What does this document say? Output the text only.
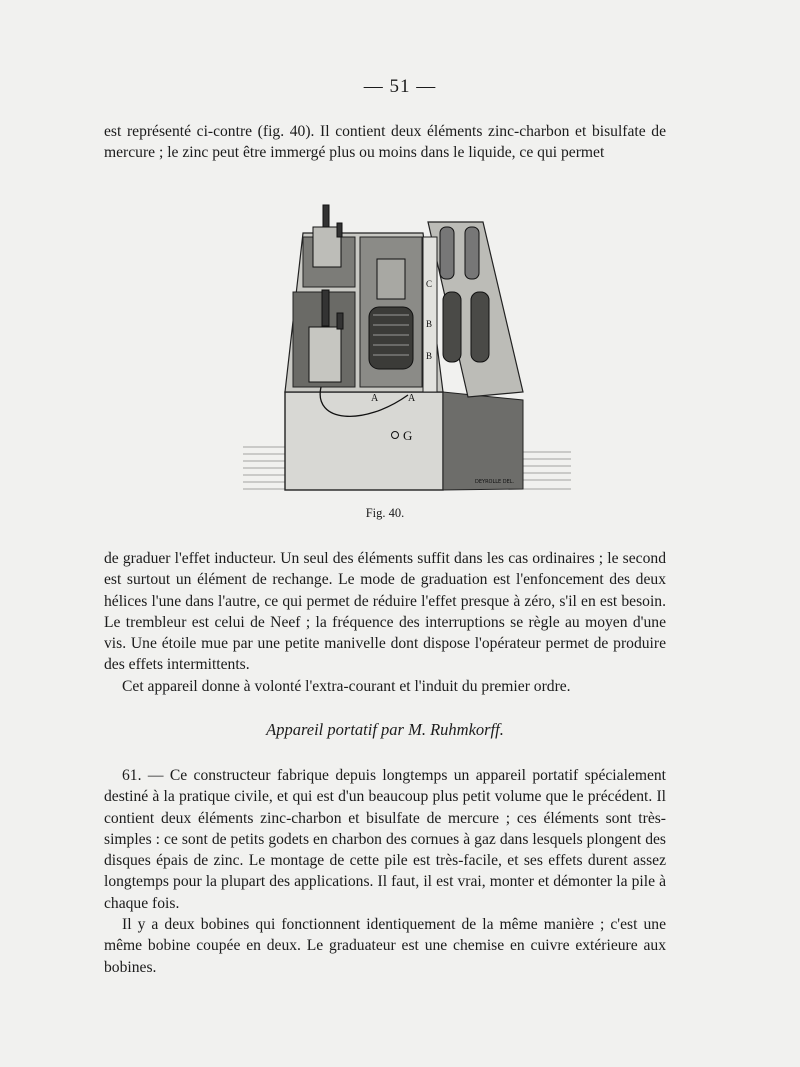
— 51 —

est représenté ci-contre (fig. 40). Il contient deux éléments zinc-charbon et bisulfate de mercure ; le zinc peut être immergé plus ou moins dans le liquide, ce qui permet

A	A
G
B
B
C
DEYROLLE DEL.
Fig. 40.

de graduer l'effet inducteur. Un seul des éléments suffit dans les cas ordinaires ; le second est surtout un élément de rechange. Le mode de graduation est l'enfoncement des deux hélices l'une dans l'autre, ce qui permet de réduire l'effet presque à zéro, s'il en est besoin. Le trembleur est celui de Neef ; la fréquence des interruptions se règle au moyen d'une vis. Une étoile mue par une petite manivelle dont dispose l'opérateur permet de produire des effets intermittents.

Cet appareil donne à volonté l'extra-courant et l'induit du premier ordre.

Appareil portatif par M. Ruhmkorff.

61. — Ce constructeur fabrique depuis longtemps un appareil portatif spécialement destiné à la pratique civile, et qui est d'un beaucoup plus petit volume que le précédent. Il contient deux éléments zinc-charbon et bisulfate de mercure ; ces éléments sont très-simples : ce sont de petits godets en charbon des cornues à gaz dans lesquels plongent des disques épais de zinc. Le montage de cette pile est très-facile, et ses effets durent assez longtemps pour la plupart des applications. Il faut, il est vrai, monter et démonter la pile à chaque fois.

Il y a deux bobines qui fonctionnent identiquement de la même manière ; c'est une même bobine coupée en deux. Le graduateur est une chemise en cuivre extérieure aux bobines.
